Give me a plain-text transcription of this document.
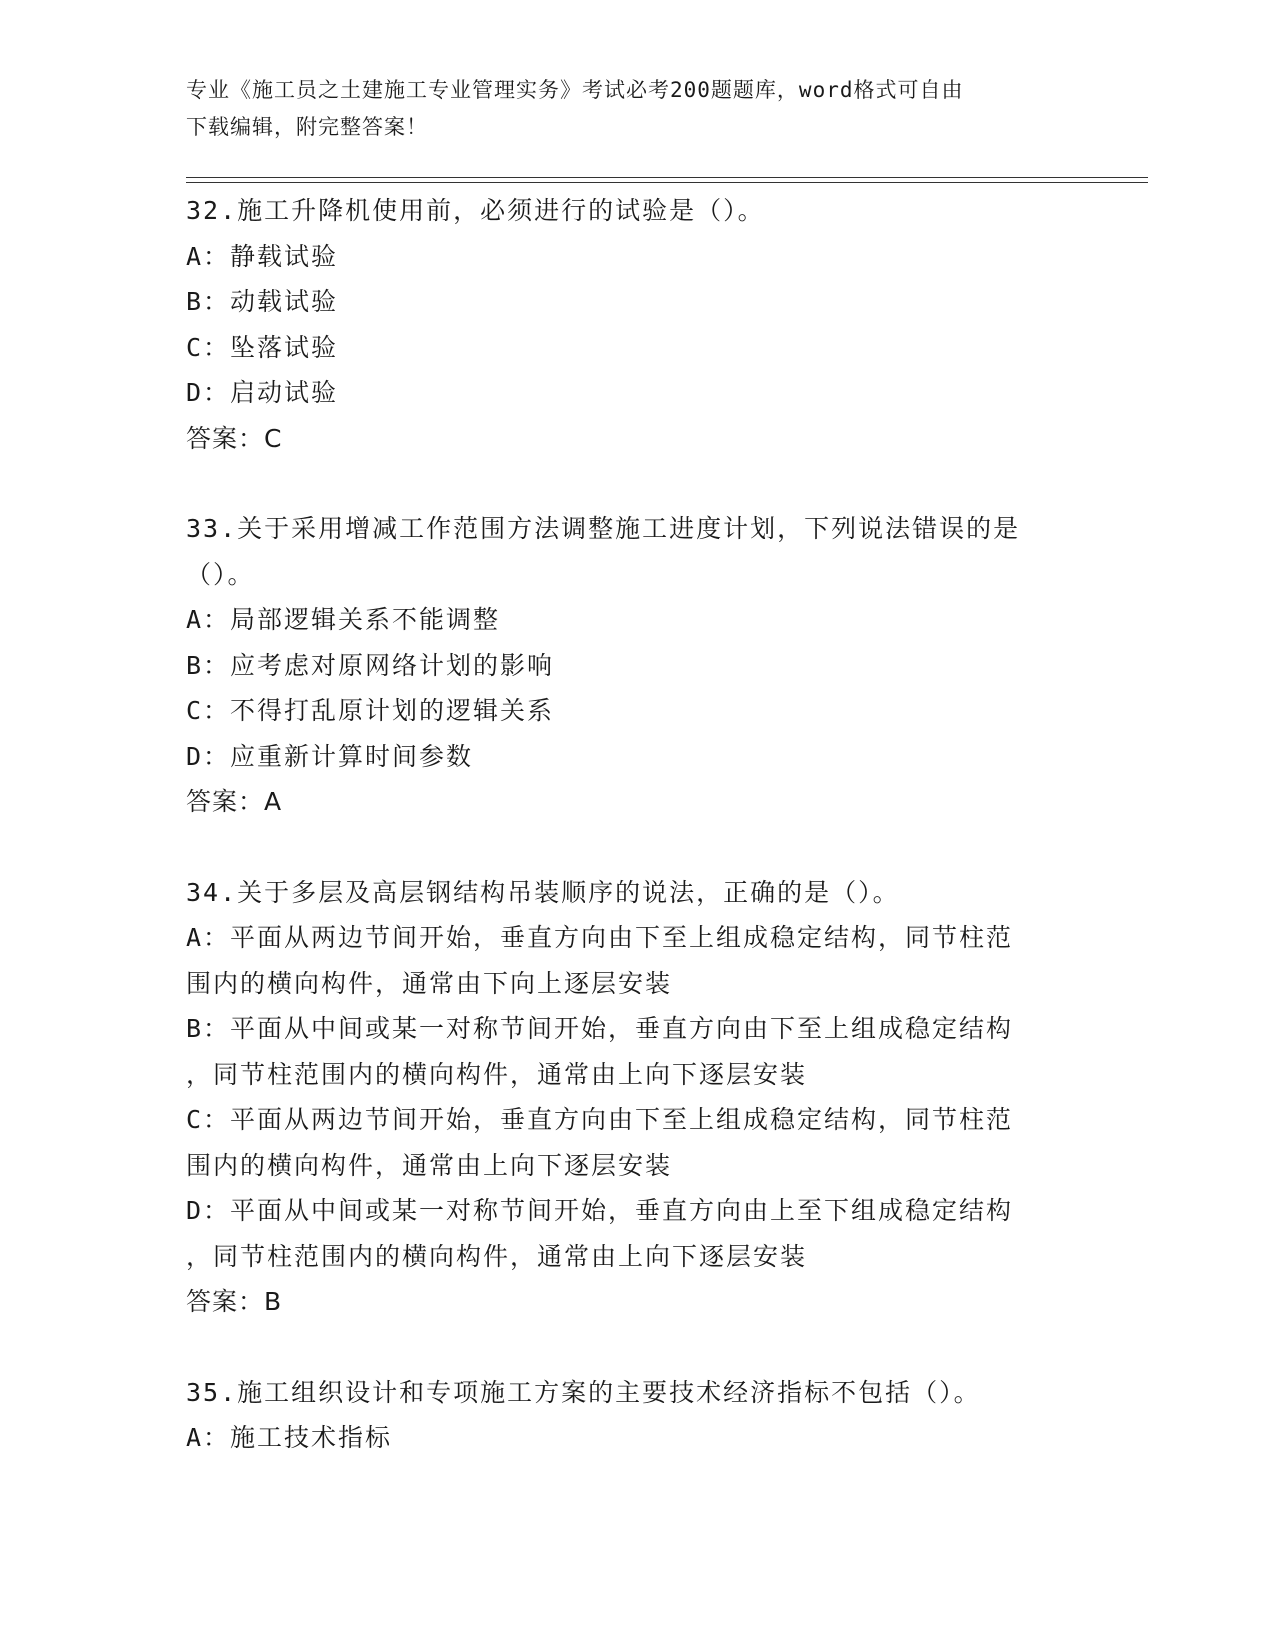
专业《施工员之土建施工专业管理实务》考试必考200题题库，word格式可自由
下载编辑，附完整答案！
32.施工升降机使用前，必须进行的试验是（）。
A：静载试验
B：动载试验
C：坠落试验
D：启动试验
答案：C
33.关于采用增减工作范围方法调整施工进度计划，下列说法错误的是
（）。
A：局部逻辑关系不能调整
B：应考虑对原网络计划的影响
C：不得打乱原计划的逻辑关系
D：应重新计算时间参数
答案：A
34.关于多层及高层钢结构吊装顺序的说法，正确的是（）。
A：平面从两边节间开始，垂直方向由下至上组成稳定结构，同节柱范
围内的横向构件，通常由下向上逐层安装
B：平面从中间或某一对称节间开始，垂直方向由下至上组成稳定结构
，同节柱范围内的横向构件，通常由上向下逐层安装
C：平面从两边节间开始，垂直方向由下至上组成稳定结构，同节柱范
围内的横向构件，通常由上向下逐层安装
D：平面从中间或某一对称节间开始，垂直方向由上至下组成稳定结构
，同节柱范围内的横向构件，通常由上向下逐层安装
答案：B
35.施工组织设计和专项施工方案的主要技术经济指标不包括（）。
A：施工技术指标
